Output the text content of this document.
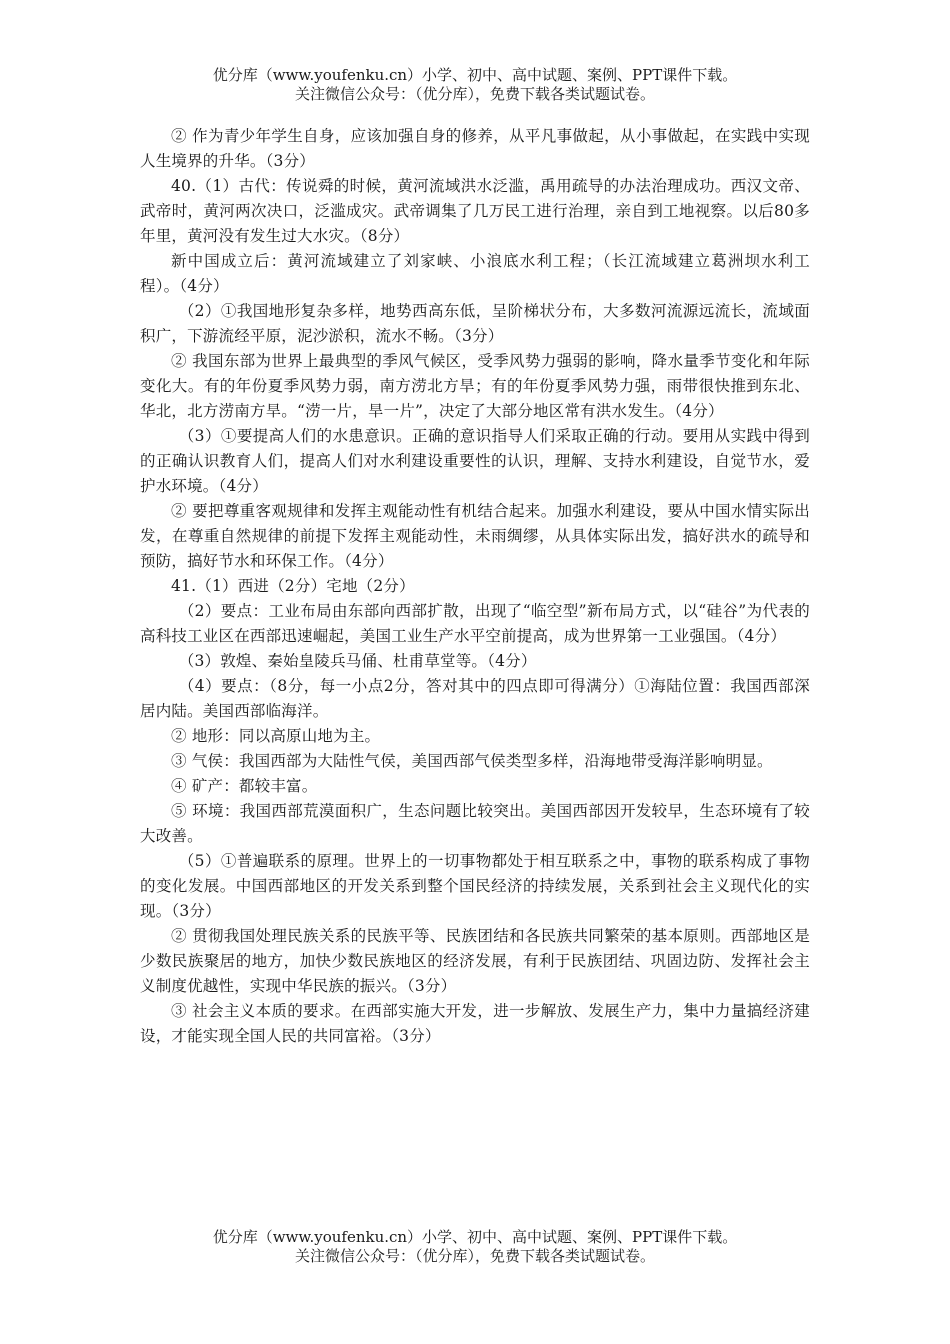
优分库（www.youfenku.cn）小学、初中、高中试题、案例、PPT课件下载。
关注微信公众号：（优分库），免费下载各类试题试卷。

② 作为青少年学生自身，应该加强自身的修养，从平凡事做起，从小事做起，在实践中实现人生境界的升华。（3分）

40.（1）古代：传说舜的时候，黄河流域洪水泛滥，禹用疏导的办法治理成功。西汉文帝、武帝时，黄河两次决口，泛滥成灾。武帝调集了几万民工进行治理，亲自到工地视察。以后80多年里，黄河没有发生过大水灾。（8分）

新中国成立后：黄河流域建立了刘家峡、小浪底水利工程；（长江流域建立葛洲坝水利工程）。（4分）

（2）①我国地形复杂多样，地势西高东低，呈阶梯状分布，大多数河流源远流长，流域面积广，下游流经平原，泥沙淤积，流水不畅。（3分）

② 我国东部为世界上最典型的季风气候区，受季风势力强弱的影响，降水量季节变化和年际变化大。有的年份夏季风势力弱，南方涝北方旱；有的年份夏季风势力强，雨带很快推到东北、华北，北方涝南方旱。“涝一片，旱一片”，决定了大部分地区常有洪水发生。（4分）

（3）①要提高人们的水患意识。正确的意识指导人们采取正确的行动。要用从实践中得到的正确认识教育人们，提高人们对水利建设重要性的认识，理解、支持水利建设，自觉节水，爱护水环境。（4分）

② 要把尊重客观规律和发挥主观能动性有机结合起来。加强水利建设，要从中国水情实际出发，在尊重自然规律的前提下发挥主观能动性，未雨绸缪，从具体实际出发，搞好洪水的疏导和预防，搞好节水和环保工作。（4分）

41.（1）西进（2分）宅地（2分）

（2）要点：工业布局由东部向西部扩散，出现了“临空型”新布局方式，以“硅谷”为代表的高科技工业区在西部迅速崛起，美国工业生产水平空前提高，成为世界第一工业强国。（4分）

（3）敦煌、秦始皇陵兵马俑、杜甫草堂等。（4分）

（4）要点：（8分，每一小点2分，答对其中的四点即可得满分）①海陆位置：我国西部深居内陆。美国西部临海洋。

② 地形：同以高原山地为主。

③ 气侯：我国西部为大陆性气侯，美国西部气侯类型多样，沿海地带受海洋影响明显。

④ 矿产：都较丰富。

⑤ 环境：我国西部荒漠面积广，生态问题比较突出。美国西部因开发较早，生态环境有了较大改善。

（5）①普遍联系的原理。世界上的一切事物都处于相互联系之中，事物的联系构成了事物的变化发展。中国西部地区的开发关系到整个国民经济的持续发展，关系到社会主义现代化的实现。（3分）

② 贯彻我国处理民族关系的民族平等、民族团结和各民族共同繁荣的基本原则。西部地区是少数民族聚居的地方，加快少数民族地区的经济发展，有利于民族团结、巩固边防、发挥社会主义制度优越性，实现中华民族的振兴。（3分）

③ 社会主义本质的要求。在西部实施大开发，进一步解放、发展生产力，集中力量搞经济建设，才能实现全国人民的共同富裕。（3分）

优分库（www.youfenku.cn）小学、初中、高中试题、案例、PPT课件下载。
关注微信公众号：（优分库），免费下载各类试题试卷。
